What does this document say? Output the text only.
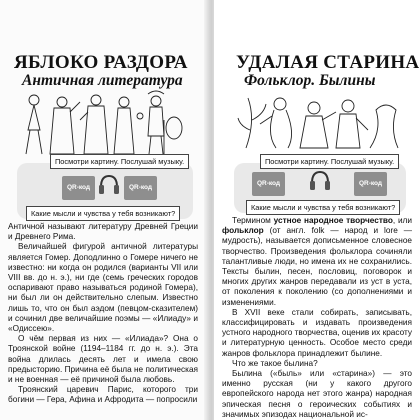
ЯБЛОКО РАЗДОРА
Античная литература
Посмотри картину. Послушай музыку.
QR-код	QR-код
Какие мысли и чувства у тебя возникают?

Античной называют литературу Древней Греции и Древнего Рима.

Величайшей фигурой античной литературы является Гомер. Доподлинно о Гомере ничего не известно: ни когда он родился (варианты VII или VIII вв. до н. э.), ни где (семь греческих городов оспаривают право называться родиной Гомера), ни был ли он действительно слепым. Известно лишь то, что он был аэдом (певцом-сказителем) и сочинил две величайшие поэмы — «Илиаду» и «Одиссею».

О чём первая из них — «Илиада»? Она о Троянской войне (1194–1184 гг. до н. э.). Эта война длилась десять лет и имела свою предысторию. Причина её была не политическая и не военная — её причиной была любовь.

Троянский царевич Парис, которого три богини — Гера, Афина и Афродита — попросили

УДАЛАЯ СТАРИНА
Фольклор. Былины
Посмотри картину. Послушай музыку.
QR-код	QR-код
Какие мысли и чувства у тебя возникают?

Термином устное народное творчество, или фольклор (от англ. folk — народ и lore — мудрость), называется дописьменное словесное творчество. Произведения фольклора сочиняли талантливые люди, но имена их не сохранились. Тексты былин, песен, пословиц, поговорок и многих других жанров передавали из уст в уста, от поколения к поколению (со дополнениями и изменениями.

В XVII веке стали собирать, записывать, классифицировать и издавать произведения устного народного творчества, оценив их красоту и литературную ценность. Особое место среди жанров фольклора принадлежит былине.

Что же такое былина?

Былина («быль» или «старина») — это именно русская (ни у какого другого европейского народа нет этого жанра) народная эпическая песня о героических событиях и значимых эпизодах национальной ис-
